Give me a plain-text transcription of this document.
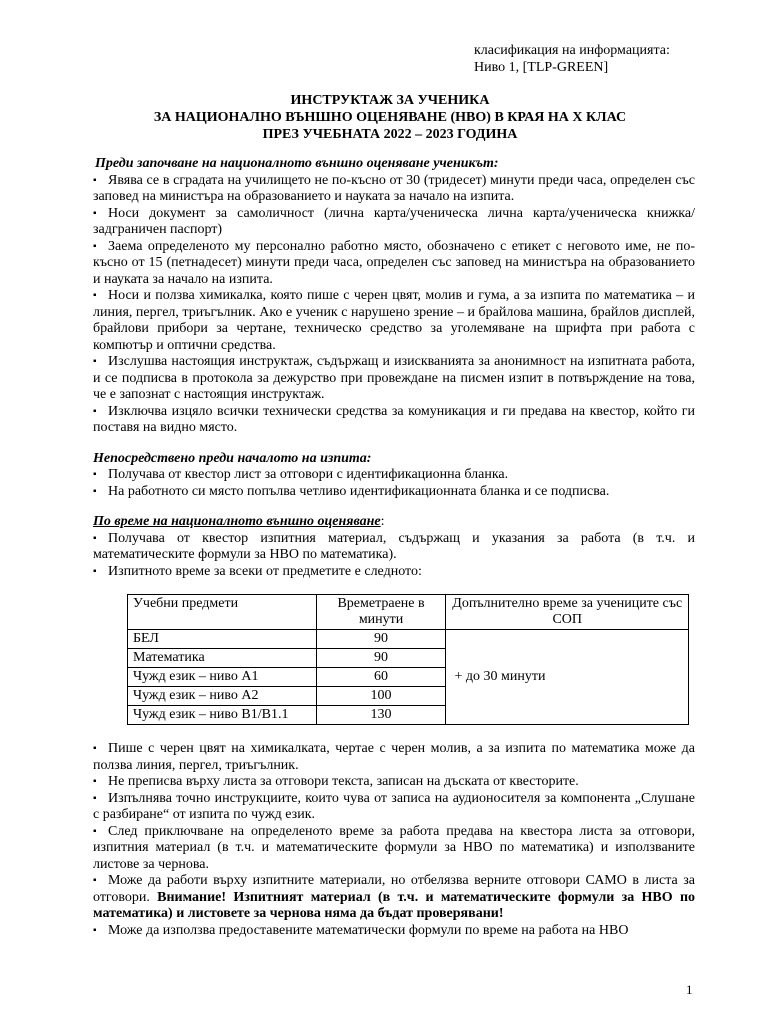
класификация на информацията:
Ниво 1, [TLP-GREEN]
ИНСТРУКТАЖ ЗА УЧЕНИКА
ЗА НАЦИОНАЛНО ВЪНШНО ОЦЕНЯВАНЕ (НВО) В КРАЯ НА Х КЛАС
ПРЕЗ УЧЕБНАТА 2022 – 2023 ГОДИНА
Преди започване на националното външно оценяване ученикът:
▪ Явява се в сградата на училището не по-късно от 30 (тридесет) минути преди часа, определен със заповед на министъра на образованието и науката за начало на изпита.
▪ Носи документ за самоличност (лична карта/ученическа лична карта/ученическа книжка/задграничен паспорт)
▪ Заема определеното му персонално работно място, обозначено с етикет с неговото име, не по-късно от 15 (петнадесет) минути преди часа, определен със заповед на министъра на образованието и науката за начало на изпита.
▪ Носи и ползва химикалка, която пише с черен цвят, молив и гума, а за изпита по математика – и линия, пергел, триъгълник. Ако е ученик с нарушено зрение – и брайлова машина, брайлов дисплей, брайлови прибори за чертане, техническо средство за уголемяване на шрифта при работа с компютър и оптични средства.
▪ Изслушва настоящия инструктаж, съдържащ и изискванията за анонимност на изпитната работа, и се подписва в протокола за дежурство при провеждане на писмен изпит в потвърждение на това, че е запознат с настоящия инструктаж.
▪ Изключва изцяло всички технически средства за комуникация и ги предава на квестор, който ги поставя на видно място.
Непосредствено преди началото на изпита:
▪ Получава от квестор лист за отговори с идентификационна бланка.
▪ На работното си място попълва четливо идентификационната бланка и се подписва.
По време на националното външно оценяване:
▪ Получава от квестор изпитния материал, съдържащ и указания за работа (в т.ч. и математическите формули за НВО по математика).
▪ Изпитното време за всеки от предметите е следното:
Учебни предмети	Времетраене в минути	Допълнително време за учениците със СОП
БЕЛ	90	+ до 30 минути
Математика	90	
Чужд език – ниво А1	60	
Чужд език – ниво А2	100	
Чужд език – ниво В1/В1.1	130	
▪ Пише с черен цвят на химикалката, чертае с черен молив, а за изпита по математика може да ползва линия, пергел, триъгълник.
▪ Не преписва върху листа за отговори текста, записан на дъската от квесторите.
▪ Изпълнява точно инструкциите, които чува от записа на аудионосителя за компонента „Слушане с разбиране“ от изпита по чужд език.
▪ След приключване на определеното време за работа предава на квестора листа за отговори, изпитния материал (в т.ч. и математическите формули за НВО по математика) и използваните листове за чернова.
▪ Може да работи върху изпитните материали, но отбелязва верните отговори САМО в листа за отговори. Внимание! Изпитният материал (в т.ч. и математическите формули за НВО по математика) и листовете за чернова няма да бъдат проверявани!
▪ Може да използва предоставените математически формули по време на работа на НВО
1
